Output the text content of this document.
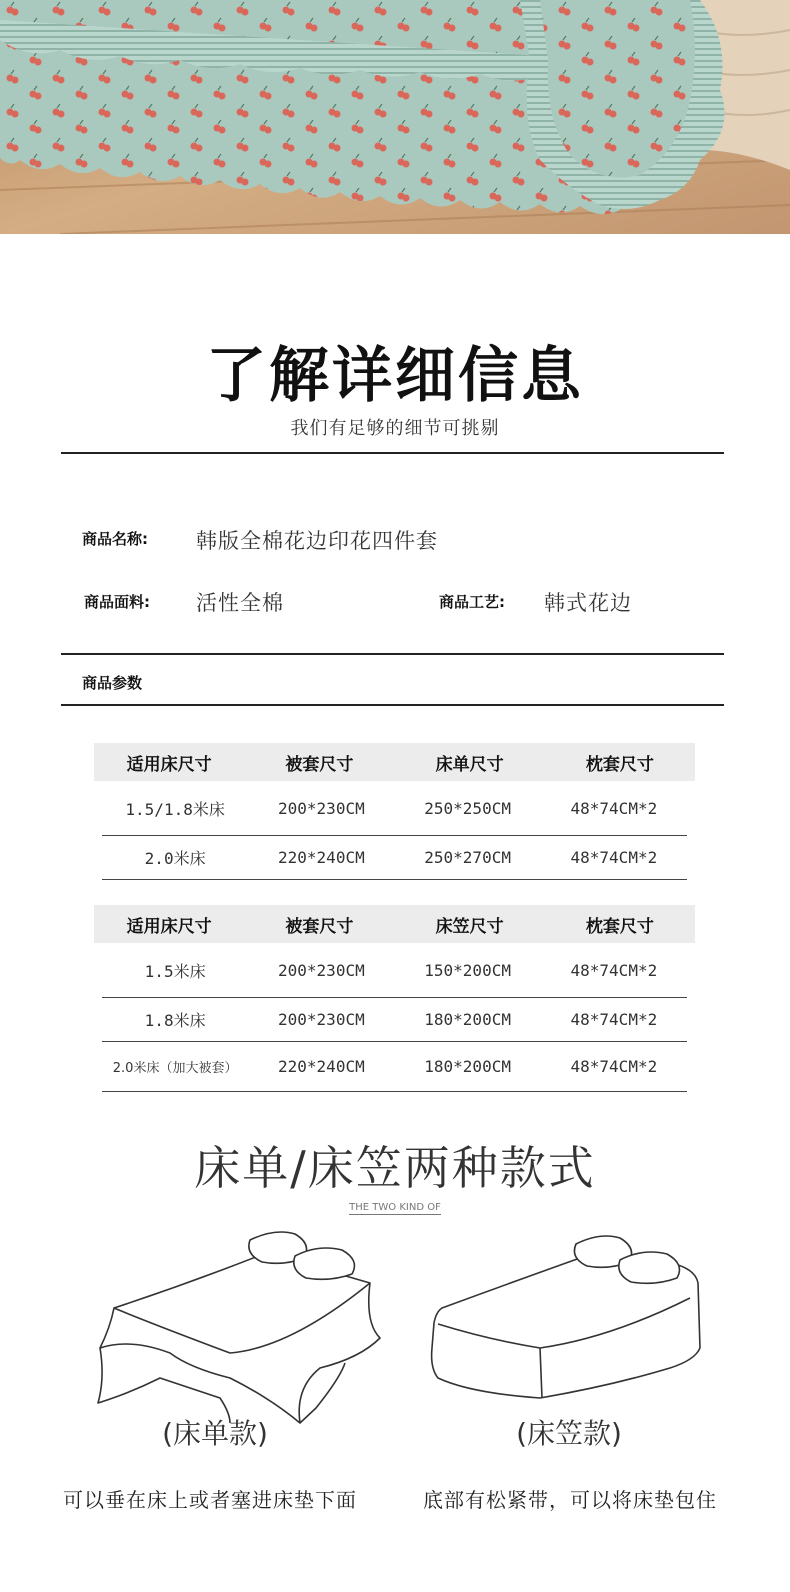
了解详细信息
我们有足够的细节可挑剔
商品名称: 韩版全棉花边印花四件套
商品面料: 活性全棉	商品工艺: 韩式花边
商品参数
适用床尺寸	被套尺寸	床单尺寸	枕套尺寸
1.5/1.8米床	200*230CM	250*250CM	48*74CM*2
2.0米床	220*240CM	250*270CM	48*74CM*2
适用床尺寸	被套尺寸	床笠尺寸	枕套尺寸
1.5米床	200*230CM	150*200CM	48*74CM*2
1.8米床	200*230CM	180*200CM	48*74CM*2
2.0米床（加大被套）	220*240CM	180*200CM	48*74CM*2
床单/床笠两种款式
THE TWO KIND OF
(床单款)	(床笠款)
可以垂在床上或者塞进床垫下面	底部有松紧带，可以将床垫包住
